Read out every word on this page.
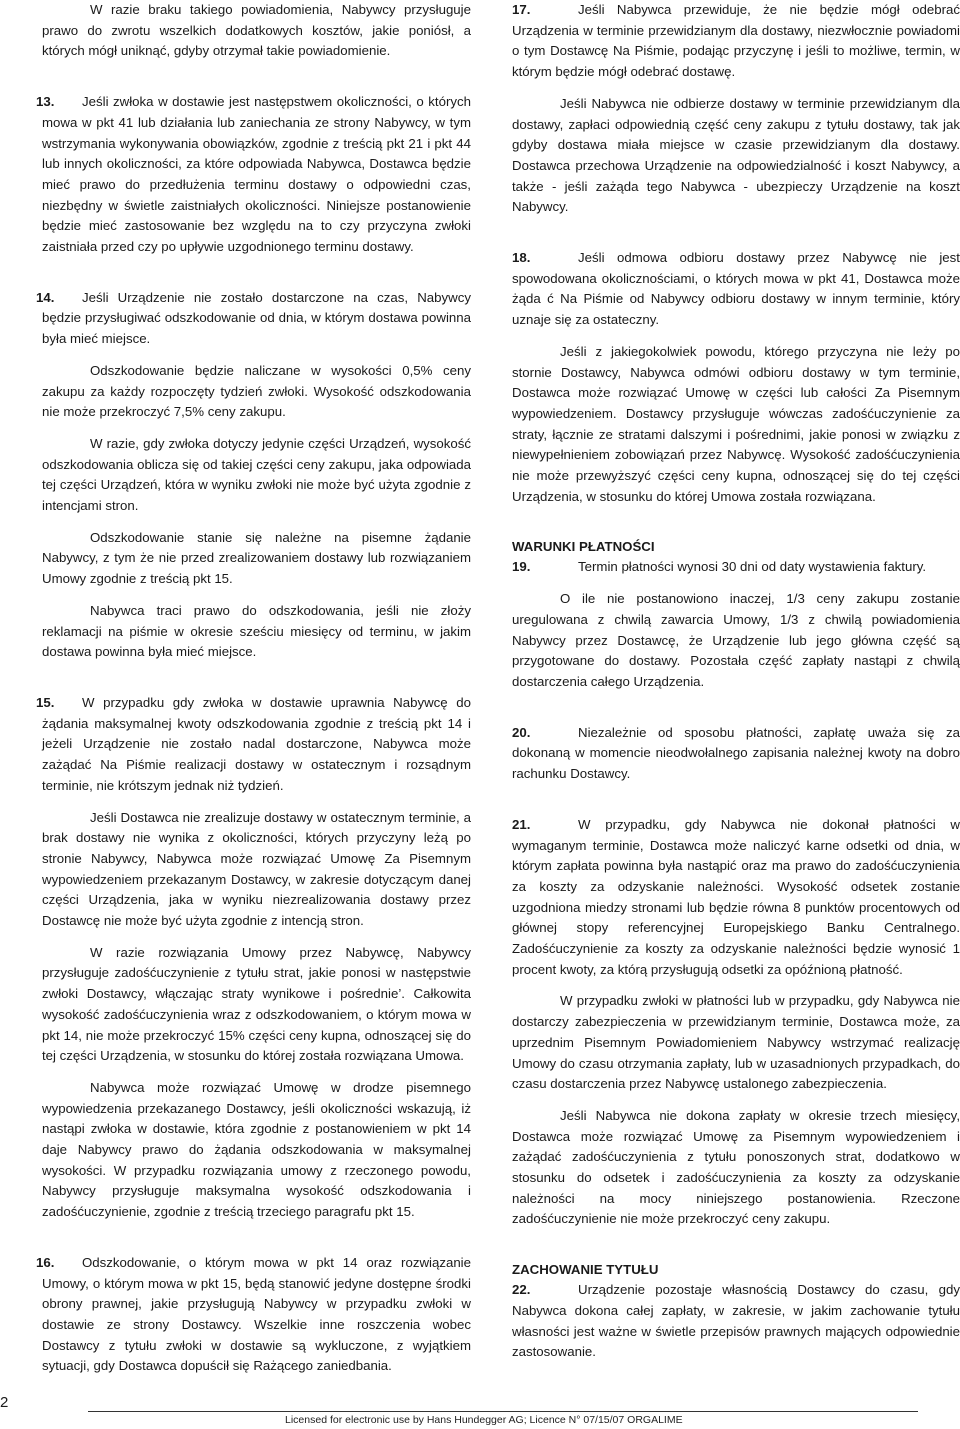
W razie braku takiego powiadomienia, Nabywcy przysługuje prawo do zwrotu wszelkich dodatkowych kosztów, jakie poniósł, a których mógł uniknąć, gdyby otrzymał takie powiadomienie.

13. Jeśli zwłoka w dostawie jest następstwem okoliczności, o których mowa w pkt 41 lub działania lub zaniechania ze strony Nabywcy, w tym wstrzymania wykonywania obowiązków, zgodnie z treścią pkt 21 i pkt 44 lub innych okoliczności, za które odpowiada Nabywca, Dostawca będzie mieć prawo do przedłużenia terminu dostawy o odpowiedni czas, niezbędny w świetle zaistniałych okoliczności. Niniejsze postanowienie będzie mieć zastosowanie bez względu na to czy przyczyna zwłoki zaistniała przed czy po upływie uzgodnionego terminu dostawy.

14. Jeśli Urządzenie nie zostało dostarczone na czas, Nabywcy będzie przysługiwać odszkodowanie od dnia, w którym dostawa powinna była mieć miejsce.

Odszkodowanie będzie naliczane w wysokości 0,5% ceny zakupu za każdy rozpoczęty tydzień zwłoki. Wysokość odszkodowania nie może przekroczyć 7,5% ceny zakupu.

W razie, gdy zwłoka dotyczy jedynie części Urządzeń, wysokość odszkodowania oblicza się od takiej części ceny zakupu, jaka odpowiada tej części Urządzeń, która w wyniku zwłoki nie może być użyta zgodnie z intencjami stron.

Odszkodowanie stanie się należne na pisemne żądanie Nabywcy, z tym że nie przed zrealizowaniem dostawy lub rozwiązaniem Umowy zgodnie z treścią pkt 15.

Nabywca traci prawo do odszkodowania, jeśli nie złoży reklamacji na piśmie w okresie sześciu miesięcy od terminu, w jakim dostawa powinna była mieć miejsce.

15. W przypadku gdy zwłoka w dostawie uprawnia Nabywcę do żądania maksymalnej kwoty odszkodowania zgodnie z treścią pkt 14 i jeżeli Urządzenie nie zostało nadal dostarczone, Nabywca może zażądać Na Piśmie realizacji dostawy w ostatecznym i rozsądnym terminie, nie krótszym jednak niż tydzień.

Jeśli Dostawca nie zrealizuje dostawy w ostatecznym terminie, a brak dostawy nie wynika z okoliczności, których przyczyny leżą po stronie Nabywcy, Nabywca może rozwiązać Umowę Za Pisemnym wypowiedzeniem przekazanym Dostawcy, w zakresie dotyczącym danej części Urządzenia, jaka w wyniku niezrealizowania dostawy przez Dostawcę nie może być użyta zgodnie z intencją stron.

W razie rozwiązania Umowy przez Nabywcę, Nabywcy przysługuje zadośćuczynienie z tytułu strat, jakie ponosi w następstwie zwłoki Dostawcy, włączając straty wynikowe i pośrednie’. Całkowita wysokość zadośćuczynienia wraz z odszkodowaniem, o którym mowa w pkt 14, nie może przekroczyć 15% części ceny kupna, odnoszącej się do tej części Urządzenia, w stosunku do której została rozwiązana Umowa.

Nabywca może rozwiązać Umowę w drodze pisemnego wypowiedzenia przekazanego Dostawcy, jeśli okoliczności wskazują, iż nastąpi zwłoka w dostawie, która zgodnie z postanowieniem w pkt 14 daje Nabywcy prawo do żądania odszkodowania w maksymalnej wysokości. W przypadku rozwiązania umowy z rzeczonego powodu, Nabywcy przysługuje maksymalna wysokość odszkodowania i zadośćuczynienie, zgodnie z treścią trzeciego paragrafu pkt 15.

16. Odszkodowanie, o którym mowa w pkt 14 oraz rozwiązanie Umowy, o którym mowa w pkt 15, będą stanowić jedyne dostępne środki obrony prawnej, jakie przysługują Nabywcy w przypadku zwłoki w dostawie ze strony Dostawcy. Wszelkie inne roszczenia wobec Dostawcy z tytułu zwłoki w dostawie są wykluczone, z wyjątkiem sytuacji, gdy Dostawca dopuścił się Rażącego zaniedbania.

17.	Jeśli Nabywca przewiduje, że nie będzie mógł odebrać Urządzenia w terminie przewidzianym dla dostawy, niezwłocznie powiadomi o tym Dostawcę Na Piśmie, podając przyczynę i jeśli to możliwe, termin, w którym będzie mógł odebrać dostawę.

Jeśli Nabywca nie odbierze dostawy w terminie przewidzianym dla dostawy, zapłaci odpowiednią część ceny zakupu z tytułu dostawy, tak jak gdyby dostawa miała miejsce w czasie przewidzianym dla dostawy. Dostawca przechowa Urządzenie na odpowiedzialność i koszt Nabywcy, a także - jeśli zażąda tego Nabywca - ubezpieczy Urządzenie na koszt Nabywcy.

18.	Jeśli odmowa odbioru dostawy przez Nabywcę nie jest spowodowana okolicznościami, o których mowa w pkt 41, Dostawca może żąda ć Na Piśmie od Nabywcy odbioru dostawy w innym terminie, który uznaje się za ostateczny.

Jeśli z jakiegokolwiek powodu, którego przyczyna nie leży po stornie Dostawcy, Nabywca odmówi odbioru dostawy w tym terminie, Dostawca może rozwiązać Umowę w części lub całości Za Pisemnym wypowiedzeniem. Dostawcy przysługuje wówczas zadośćuczynienie za straty, łącznie ze stratami dalszymi i pośrednimi, jakie ponosi w związku z niewypełnieniem zobowiązań przez Nabywcę. Wysokość zadośćuczynienia nie może przewyższyć części ceny kupna, odnoszącej się do tej części Urządzenia, w stosunku do której Umowa została rozwiązana.

WARUNKI PŁATNOŚCI

19.	Termin płatności wynosi 30 dni od daty wystawienia faktury.

O ile nie postanowiono inaczej, 1/3 ceny zakupu zostanie uregulowana z chwilą zawarcia Umowy, 1/3 z chwilą powiadomienia Nabywcy przez Dostawcę, że Urządzenie lub jego główna część są przygotowane do dostawy. Pozostała część zapłaty nastąpi z chwilą dostarczenia całego Urządzenia.

20.	Niezależnie od sposobu płatności, zapłatę uważa się za dokonaną w momencie nieodwołalnego zapisania należnej kwoty na dobro rachunku Dostawcy.

21.	W przypadku, gdy Nabywca nie dokonał płatności w wymaganym terminie, Dostawca może naliczyć karne odsetki od dnia, w którym zapłata powinna była nastąpić oraz ma prawo do zadośćuczynienia za koszty za odzyskanie należności. Wysokość odsetek zostanie uzgodniona miedzy stronami lub będzie równa 8 punktów procentowych od głównej stopy referencyjnej Europejskiego Banku Centralnego. Zadośćuczynienie za koszty za odzyskanie należności będzie wynosić 1 procent kwoty, za którą przysługują odsetki za opóźnioną płatność.

W przypadku zwłoki w płatności lub w przypadku, gdy Nabywca nie dostarczy zabezpieczenia w przewidzianym terminie, Dostawca może, za uprzednim Pisemnym Powiadomieniem Nabywcy wstrzymać realizację Umowy do czasu otrzymania zapłaty, lub w uzasadnionych przypadkach, do czasu dostarczenia przez Nabywcę ustalonego zabezpieczenia.

Jeśli Nabywca nie dokona zapłaty w okresie trzech miesięcy, Dostawca może rozwiązać Umowę za Pisemnym wypowiedzeniem i zażądać zadośćuczynienia z tytułu ponoszonych strat, dodatkowo w stosunku do odsetek i zadośćuczynienia za koszty za odzyskanie należności na mocy niniejszego postanowienia. Rzeczone zadośćuczynienie nie może przekroczyć ceny zakupu.

ZACHOWANIE TYTUŁU

22.	Urządzenie pozostaje własnością Dostawcy do czasu, gdy Nabywca dokona całej zapłaty, w zakresie, w jakim zachowanie tytułu własności jest ważne w świetle przepisów prawnych mających odpowiednie zastosowanie.

2
Licensed for electronic use by Hans Hundegger AG; Licence N° 07/15/07 ORGALIME
